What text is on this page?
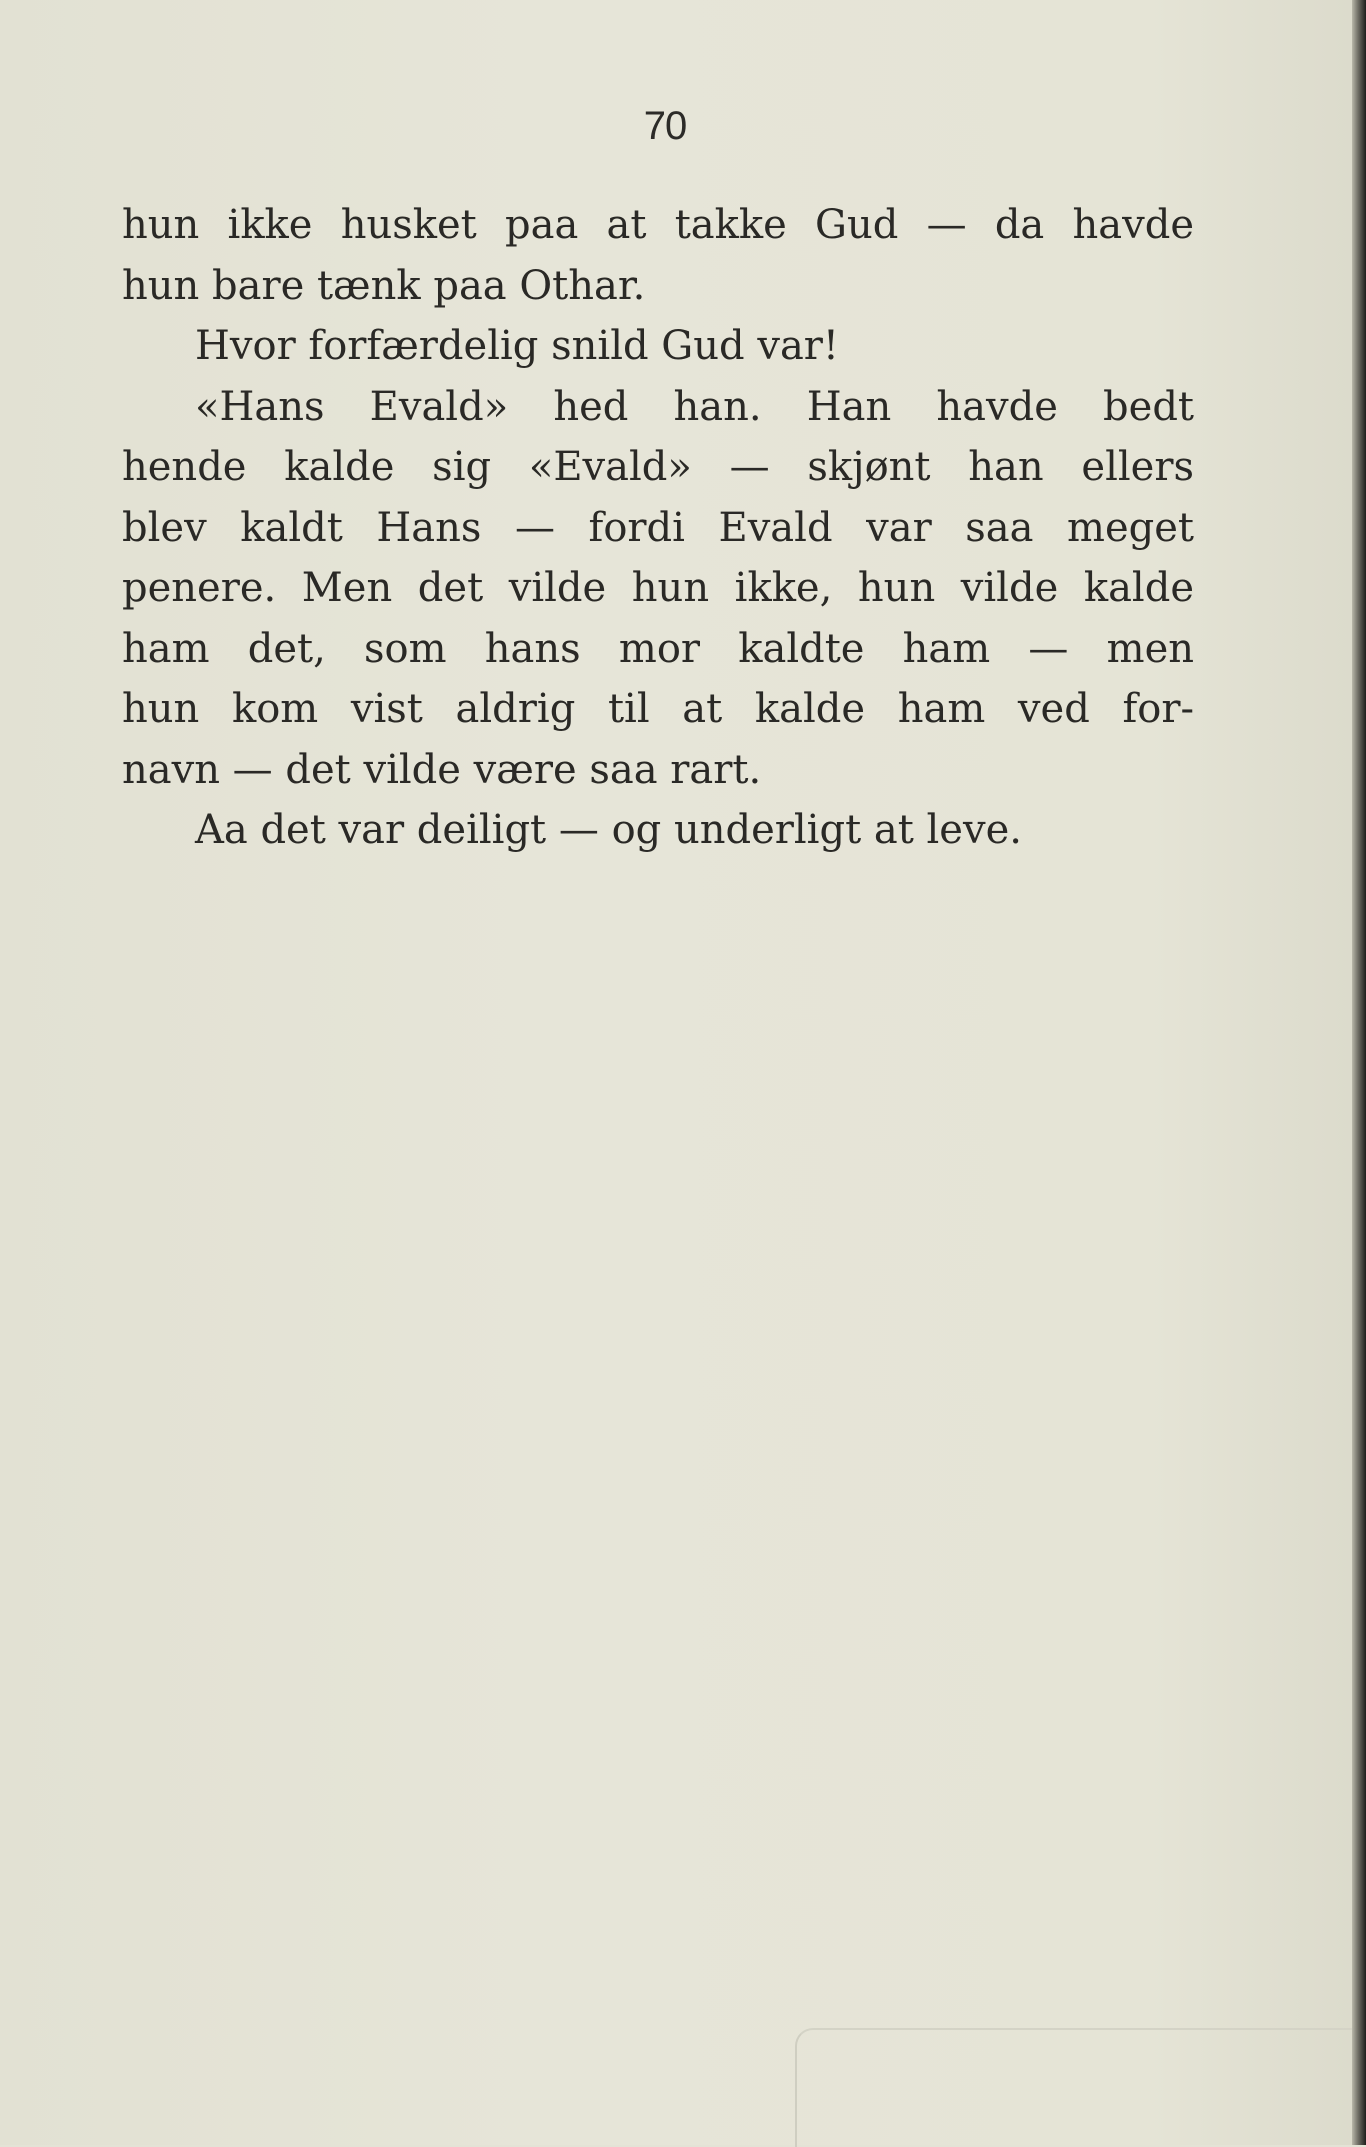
70
hun ikke husket paa at takke Gud — da havde
hun bare tænk paa Othar.
Hvor forfærdelig snild Gud var!
«Hans Evald» hed han. Han havde bedt
hende kalde sig «Evald» — skjønt han ellers
blev kaldt Hans — fordi Evald var saa meget
penere. Men det vilde hun ikke, hun vilde kalde
ham det, som hans mor kaldte ham — men
hun kom vist aldrig til at kalde ham ved for-
navn — det vilde være saa rart.
Aa det var deiligt — og underligt at leve.
